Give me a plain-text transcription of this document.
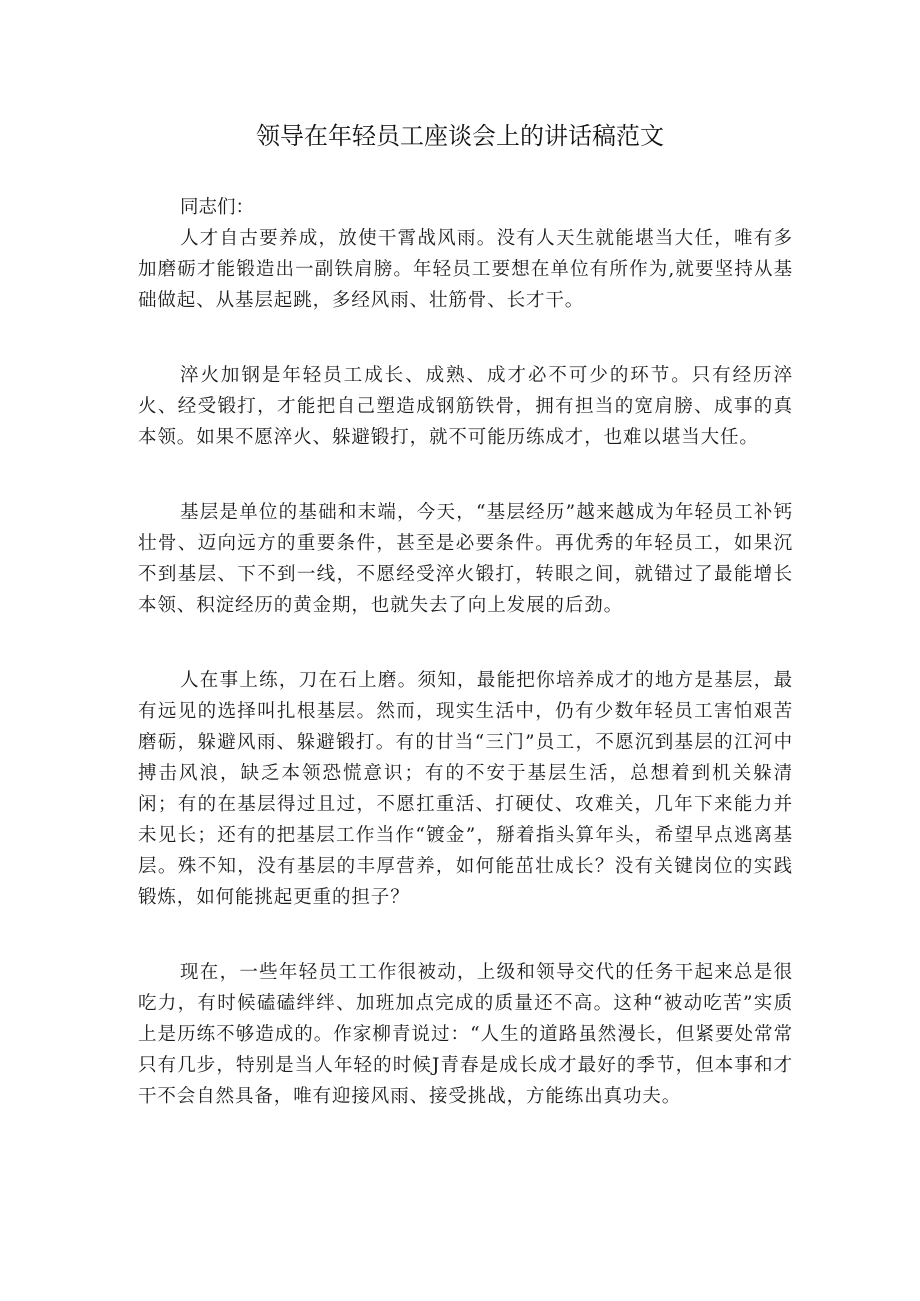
领导在年轻员工座谈会上的讲话稿范文

同志们：

人才自古要养成，放使干霄战风雨。没有人天生就能堪当大任，唯有多加磨砺才能锻造出一副铁肩膀。年轻员工要想在单位有所作为,就要坚持从基础做起、从基层起跳，多经风雨、壮筋骨、长才干。

淬火加钢是年轻员工成长、成熟、成才必不可少的环节。只有经历淬火、经受锻打，才能把自己塑造成钢筋铁骨，拥有担当的宽肩膀、成事的真本领。如果不愿淬火、躲避锻打，就不可能历练成才，也难以堪当大任。

基层是单位的基础和末端，今天，“基层经历”越来越成为年轻员工补钙壮骨、迈向远方的重要条件，甚至是必要条件。再优秀的年轻员工，如果沉不到基层、下不到一线，不愿经受淬火锻打，转眼之间，就错过了最能增长本领、积淀经历的黄金期，也就失去了向上发展的后劲。

人在事上练，刀在石上磨。须知，最能把你培养成才的地方是基层，最有远见的选择叫扎根基层。然而，现实生活中，仍有少数年轻员工害怕艰苦磨砺，躲避风雨、躲避锻打。有的甘当“三门”员工，不愿沉到基层的江河中搏击风浪，缺乏本领恐慌意识；有的不安于基层生活，总想着到机关躲清闲；有的在基层得过且过，不愿扛重活、打硬仗、攻难关，几年下来能力并未见长；还有的把基层工作当作“镀金”，掰着指头算年头，希望早点逃离基层。殊不知，没有基层的丰厚营养，如何能茁壮成长？没有关键岗位的实践锻炼，如何能挑起更重的担子？

现在，一些年轻员工工作很被动，上级和领导交代的任务干起来总是很吃力，有时候磕磕绊绊、加班加点完成的质量还不高。这种“被动吃苦”实质上是历练不够造成的。作家柳青说过：“人生的道路虽然漫长，但紧要处常常只有几步，特别是当人年轻的时候J青春是成长成才最好的季节，但本事和才干不会自然具备，唯有迎接风雨、接受挑战，方能练出真功夫。
